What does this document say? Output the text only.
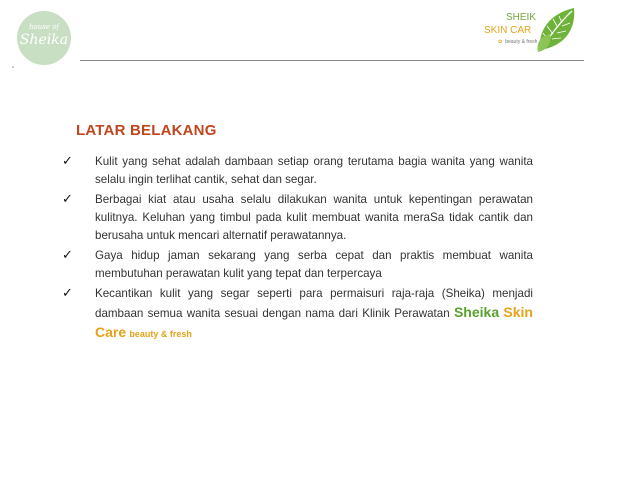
house of
Sheika
SHEIK
SKIN CAR
✿ beauty & fresh
LATAR BELAKANG
✓ Kulit yang sehat adalah dambaan setiap orang terutama bagia wanita yang wanita selalu ingin terlihat cantik, sehat dan segar.
✓ Berbagai kiat atau usaha selalu dilakukan wanita untuk kepentingan perawatan kulitnya. Keluhan yang timbul pada kulit membuat wanita meraSa tidak cantik dan berusaha untuk mencari alternatif perawatannya.
✓ Gaya hidup jaman sekarang yang serba cepat dan praktis membuat wanita membutuhan perawatan kulit yang tepat dan terpercaya
✓ Kecantikan kulit yang segar seperti para permaisuri raja-raja (Sheika) menjadi dambaan semua wanita sesuai dengan nama dari Klinik Perawatan Sheika Skin Care beauty & fresh
